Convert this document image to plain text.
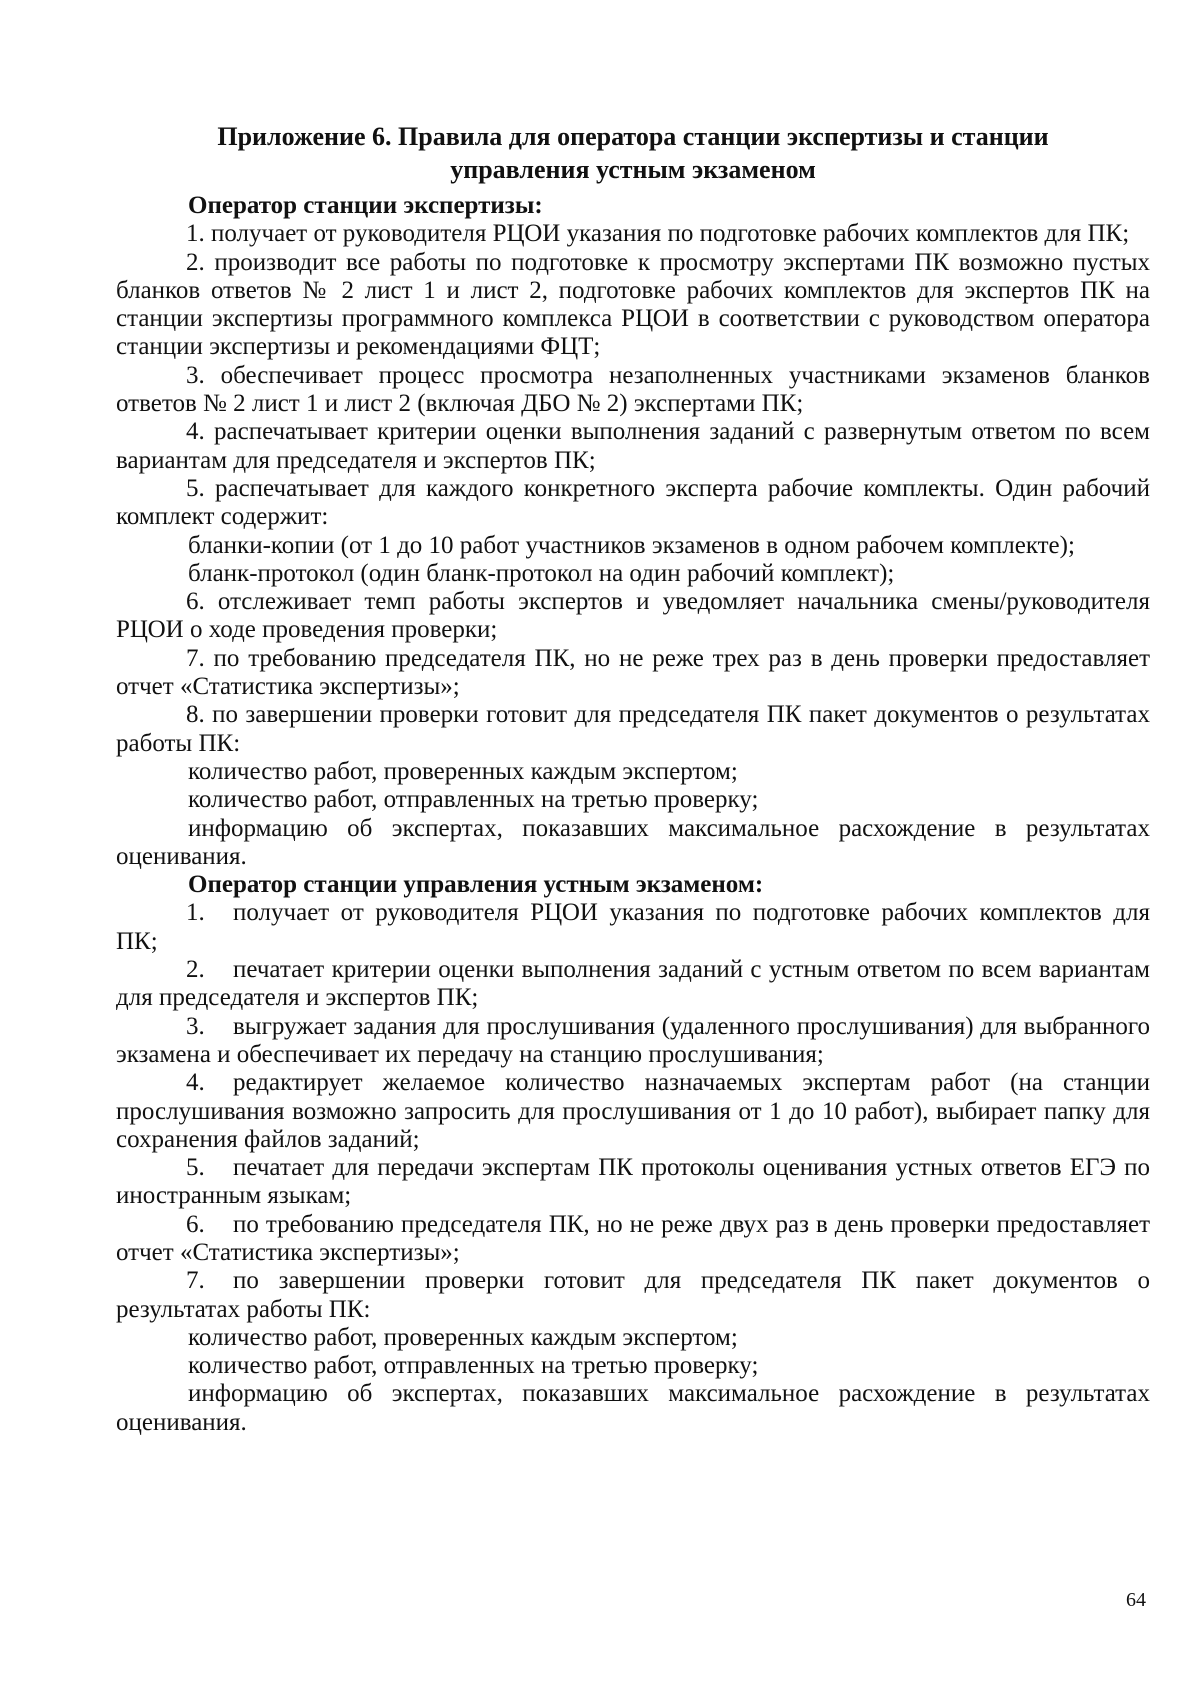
Приложение 6. Правила для оператора станции экспертизы и станции
управления устным экзаменом

Оператор станции экспертизы:

1. получает от руководителя РЦОИ указания по подготовке рабочих комплектов для ПК;

2. производит все работы по подготовке к просмотру экспертами ПК возможно пустых бланков ответов № 2 лист 1 и лист 2, подготовке рабочих комплектов для экспертов ПК на станции экспертизы программного комплекса РЦОИ в соответствии с руководством оператора станции экспертизы и рекомендациями ФЦТ;

3. обеспечивает процесс просмотра незаполненных участниками экзаменов бланков ответов № 2 лист 1 и лист 2 (включая ДБО № 2) экспертами ПК;

4. распечатывает критерии оценки выполнения заданий с развернутым ответом по всем вариантам для председателя и экспертов ПК;

5. распечатывает для каждого конкретного эксперта рабочие комплекты. Один рабочий комплект содержит:

бланки-копии (от 1 до 10 работ участников экзаменов в одном рабочем комплекте);

бланк-протокол (один бланк-протокол на один рабочий комплект);

6. отслеживает темп работы экспертов и уведомляет начальника смены/руководителя РЦОИ о ходе проведения проверки;

7. по требованию председателя ПК, но не реже трех раз в день проверки предоставляет отчет «Статистика экспертизы»;

8. по завершении проверки готовит для председателя ПК пакет документов о результатах работы ПК:

количество работ, проверенных каждым экспертом;

количество работ, отправленных на третью проверку;

информацию об экспертах, показавших максимальное расхождение в результатах оценивания.

Оператор станции управления устным экзаменом:

1. получает от руководителя РЦОИ указания по подготовке рабочих комплектов для ПК;

2. печатает критерии оценки выполнения заданий с устным ответом по всем вариантам для председателя и экспертов ПК;

3. выгружает задания для прослушивания (удаленного прослушивания) для выбранного экзамена и обеспечивает их передачу на станцию прослушивания;

4. редактирует желаемое количество назначаемых экспертам работ (на станции прослушивания возможно запросить для прослушивания от 1 до 10 работ), выбирает папку для сохранения файлов заданий;

5. печатает для передачи экспертам ПК протоколы оценивания устных ответов ЕГЭ по иностранным языкам;

6. по требованию председателя ПК, но не реже двух раз в день проверки предоставляет отчет «Статистика экспертизы»;

7. по завершении проверки готовит для председателя ПК пакет документов о результатах работы ПК:

количество работ, проверенных каждым экспертом;

количество работ, отправленных на третью проверку;

информацию об экспертах, показавших максимальное расхождение в результатах оценивания.

64
